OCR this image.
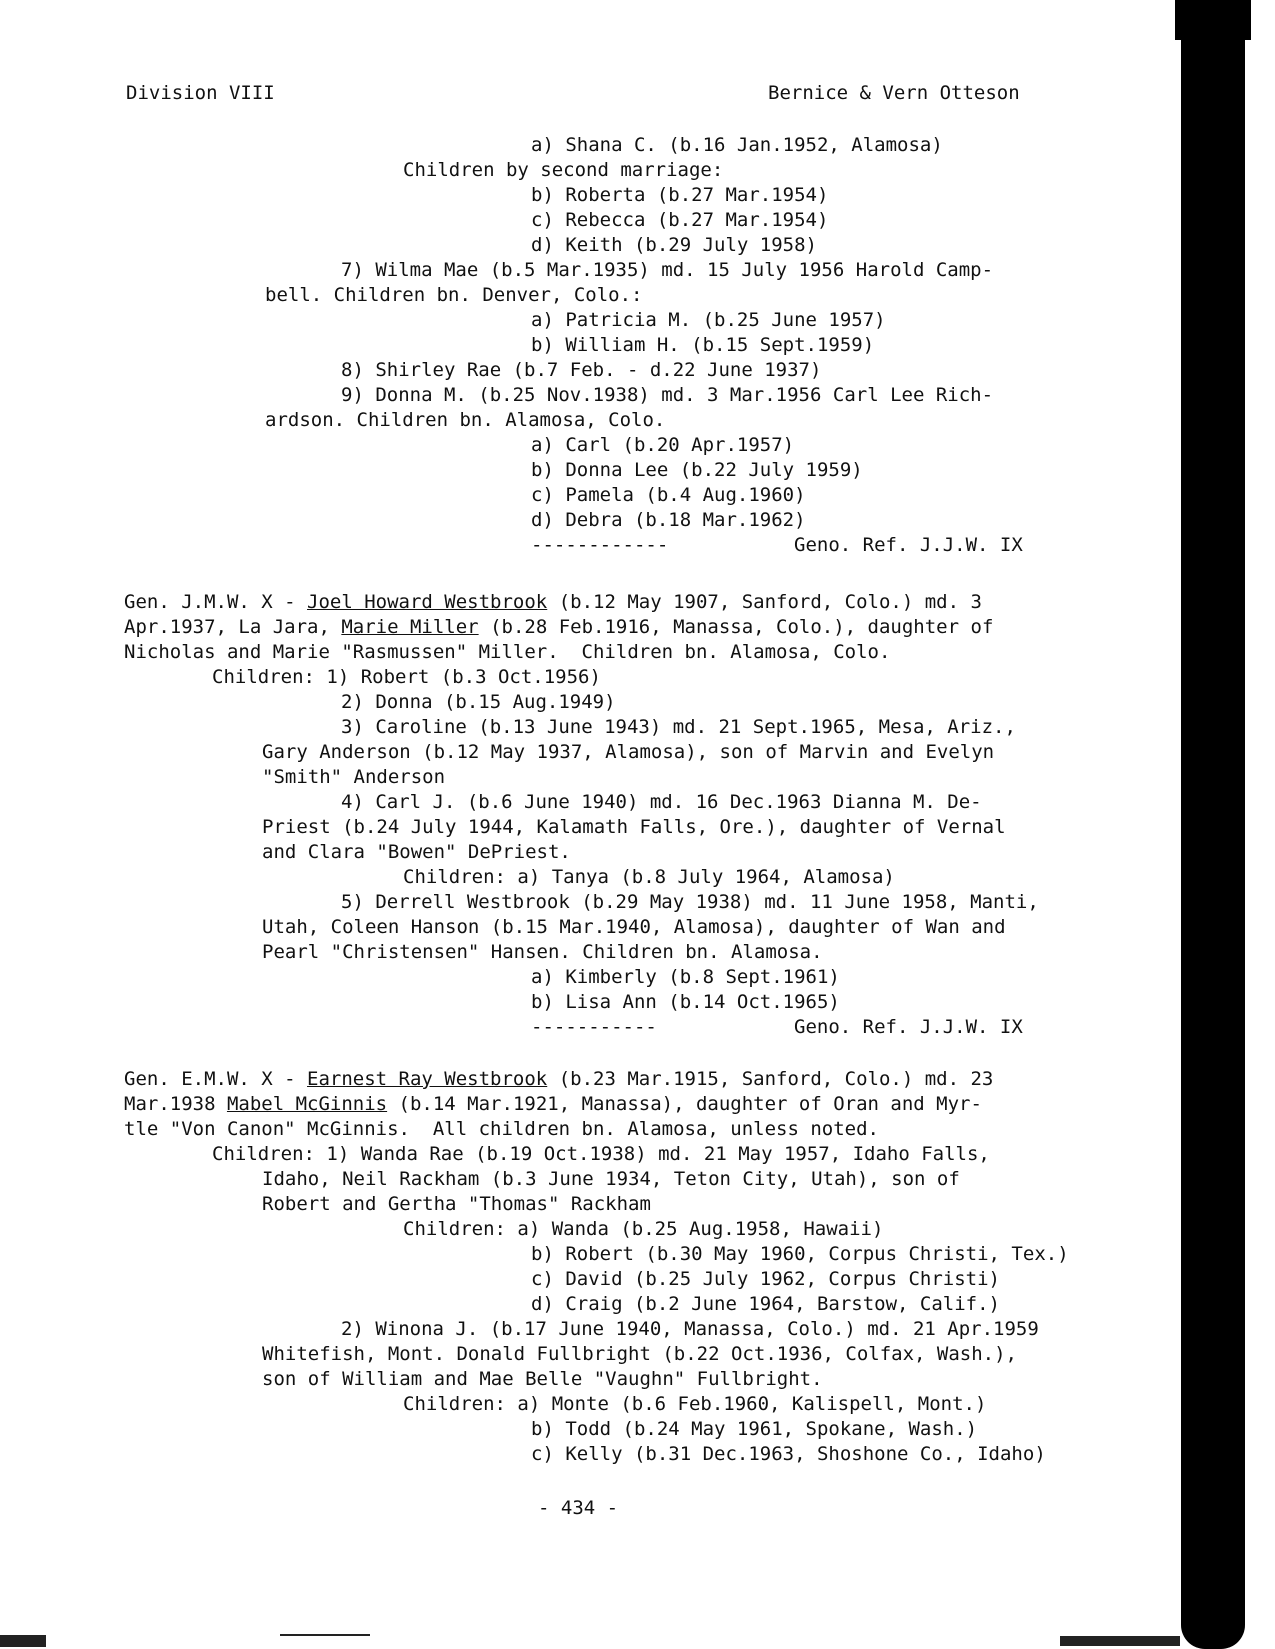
Division VIII	Bernice & Vern Otteson
a) Shana C. (b.16 Jan.1952, Alamosa)
Children by second marriage:
b) Roberta (b.27 Mar.1954)
c) Rebecca (b.27 Mar.1954)
d) Keith (b.29 July 1958)
7) Wilma Mae (b.5 Mar.1935) md. 15 July 1956 Harold Camp-
bell. Children bn. Denver, Colo.:
a) Patricia M. (b.25 June 1957)
b) William H. (b.15 Sept.1959)
8) Shirley Rae (b.7 Feb. - d.22 June 1937)
9) Donna M. (b.25 Nov.1938) md. 3 Mar.1956 Carl Lee Rich-
ardson. Children bn. Alamosa, Colo.
a) Carl (b.20 Apr.1957)
b) Donna Lee (b.22 July 1959)
c) Pamela (b.4 Aug.1960)
d) Debra (b.18 Mar.1962)
------------	Geno. Ref. J.J.W. IX
Gen. J.M.W. X - Joel Howard Westbrook (b.12 May 1907, Sanford, Colo.) md. 3
Apr.1937, La Jara, Marie Miller (b.28 Feb.1916, Manassa, Colo.), daughter of
Nicholas and Marie "Rasmussen" Miller.  Children bn. Alamosa, Colo.
Children: 1) Robert (b.3 Oct.1956)
2) Donna (b.15 Aug.1949)
3) Caroline (b.13 June 1943) md. 21 Sept.1965, Mesa, Ariz.,
Gary Anderson (b.12 May 1937, Alamosa), son of Marvin and Evelyn
"Smith" Anderson
4) Carl J. (b.6 June 1940) md. 16 Dec.1963 Dianna M. De-
Priest (b.24 July 1944, Kalamath Falls, Ore.), daughter of Vernal
and Clara "Bowen" DePriest.
Children: a) Tanya (b.8 July 1964, Alamosa)
5) Derrell Westbrook (b.29 May 1938) md. 11 June 1958, Manti,
Utah, Coleen Hanson (b.15 Mar.1940, Alamosa), daughter of Wan and
Pearl "Christensen" Hansen. Children bn. Alamosa.
a) Kimberly (b.8 Sept.1961)
b) Lisa Ann (b.14 Oct.1965)
-----------	Geno. Ref. J.J.W. IX
Gen. E.M.W. X - Earnest Ray Westbrook (b.23 Mar.1915, Sanford, Colo.) md. 23
Mar.1938 Mabel McGinnis (b.14 Mar.1921, Manassa), daughter of Oran and Myr-
tle "Von Canon" McGinnis.  All children bn. Alamosa, unless noted.
Children: 1) Wanda Rae (b.19 Oct.1938) md. 21 May 1957, Idaho Falls,
Idaho, Neil Rackham (b.3 June 1934, Teton City, Utah), son of
Robert and Gertha "Thomas" Rackham
Children: a) Wanda (b.25 Aug.1958, Hawaii)
b) Robert (b.30 May 1960, Corpus Christi, Tex.)
c) David (b.25 July 1962, Corpus Christi)
d) Craig (b.2 June 1964, Barstow, Calif.)
2) Winona J. (b.17 June 1940, Manassa, Colo.) md. 21 Apr.1959
Whitefish, Mont. Donald Fullbright (b.22 Oct.1936, Colfax, Wash.),
son of William and Mae Belle "Vaughn" Fullbright.
Children: a) Monte (b.6 Feb.1960, Kalispell, Mont.)
b) Todd (b.24 May 1961, Spokane, Wash.)
c) Kelly (b.31 Dec.1963, Shoshone Co., Idaho)
- 434 -
